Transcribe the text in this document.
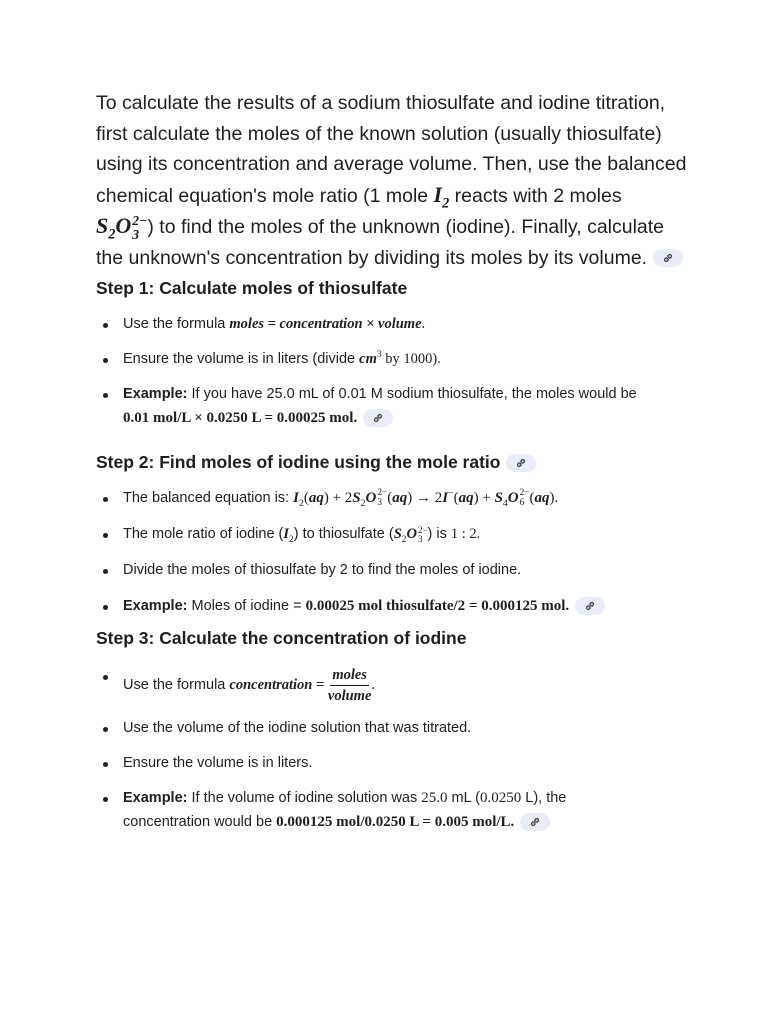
To calculate the results of a sodium thiosulfate and iodine titration,
first calculate the moles of the known solution (usually thiosulfate)
using its concentration and average volume. Then, use the balanced
chemical equation's mole ratio (1 mole $I_2$ reacts with 2 moles
$S_2O$ 2−
3 ) to find the moles of the unknown (iodine). Finally, calculate
the unknown's concentration by dividing its moles by its volume.
Step 1: Calculate moles of thiosulfate
Use the formula moles = concentration × volume.
Ensure the volume is in liters (divide $cm^3$ by 1000).
Example: If you have 25.0 mL of 0.01 M sodium thiosulfate, the moles would be
0.01 mol/L × 0.0250 L = 0.00025 mol.
Step 2: Find moles of iodine using the mole ratio
The balanced equation is: $I_2(aq) + 2S_2O$ 2−
3 $(aq) \to 2I^-(aq) + S_4O$ 2−
6 (aq).
The mole ratio of iodine $(I_2)$ to thiosulfate ($S_2O$ 2−
3 ) is 1 : 2.
Divide the moles of thiosulfate by 2 to find the moles of iodine.
Example: Moles of iodine = 0.00025 mol thiosulfate/2 = 0.000125 mol.
Step 3: Calculate the concentration of iodine
Use the formula concentration = $\frac{\text{moles}}{\text{volume}}$ .
Use the volume of the iodine solution that was titrated.
Ensure the volume is in liters.
Example: If the volume of iodine solution was 25.0 mL (0.0250 L), the
concentration would be 0.000125 mol/0.0250 L = 0.005 mol/L.
